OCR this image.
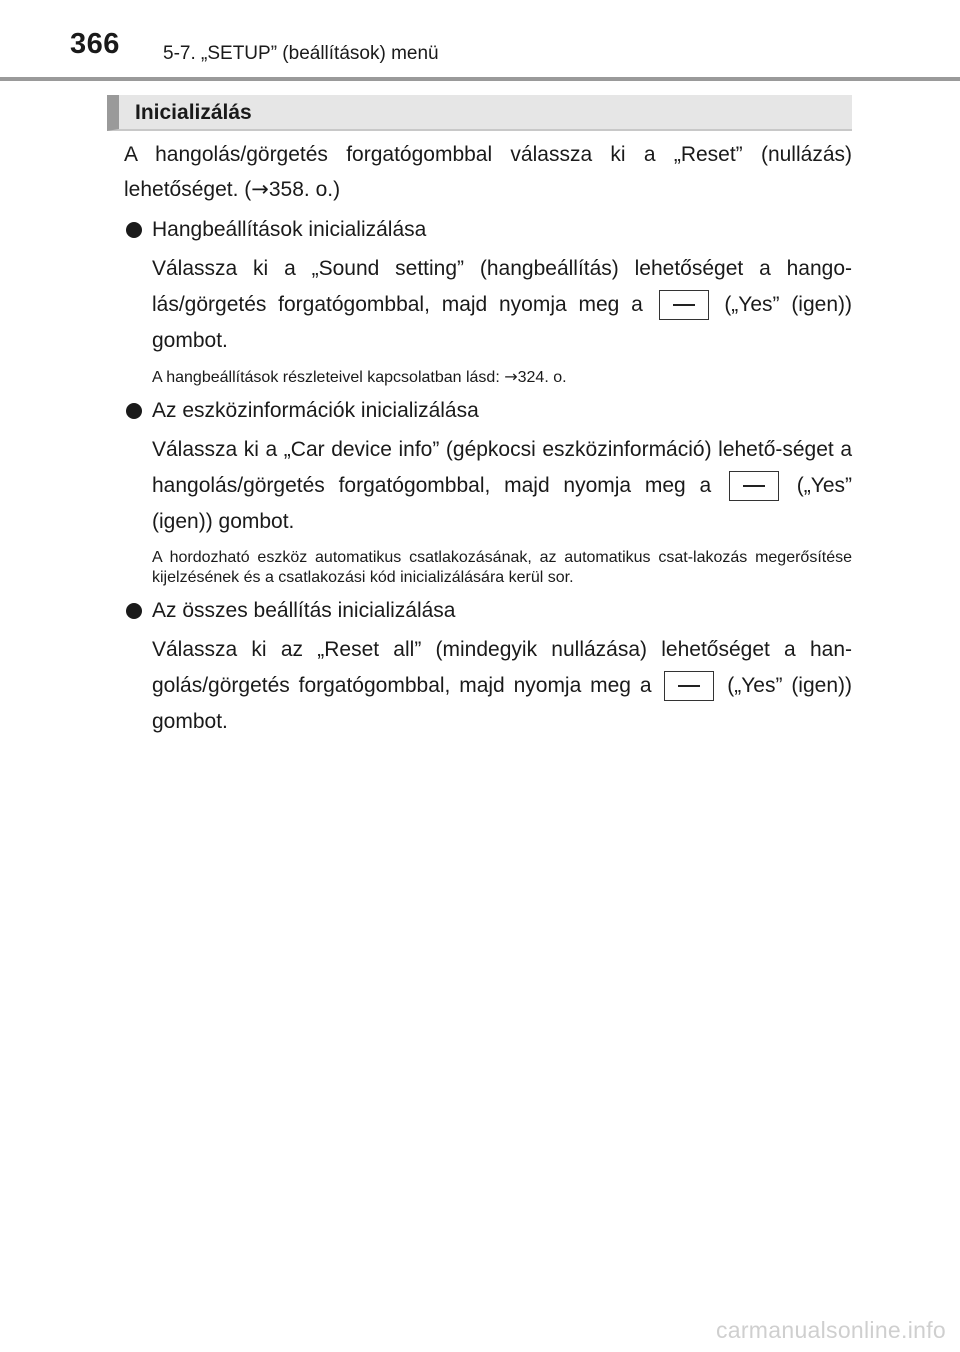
366 5-7. „SETUP” (beállítások) menü
Inicializálás

A hangolás/görgetés forgatógombbal válassza ki a „Reset” (nullázás) lehetőséget. (→358. o.)

Hangbeállítások inicializálása

Válassza ki a „Sound setting” (hangbeállítás) lehetőséget a hango-lás/görgetés forgatógombbal, majd nyomja meg a	(„Yes” (igen)) gombot.

A hangbeállítások részleteivel kapcsolatban lásd: →324. o.

Az eszközinformációk inicializálása

Válassza ki a „Car device info” (gépkocsi eszközinformáció) lehető-séget a hangolás/görgetés forgatógombbal, majd nyomja meg a	(„Yes” (igen)) gombot.

A hordozható eszköz automatikus csatlakozásának, az automatikus csat-lakozás megerősítése kijelzésének és a csatlakozási kód inicializálására kerül sor.

Az összes beállítás inicializálása

Válassza ki az „Reset all” (mindegyik nullázása) lehetőséget a han-golás/görgetés forgatógombbal, majd nyomja meg a	(„Yes” (igen)) gombot.

carmanualsonline.info
